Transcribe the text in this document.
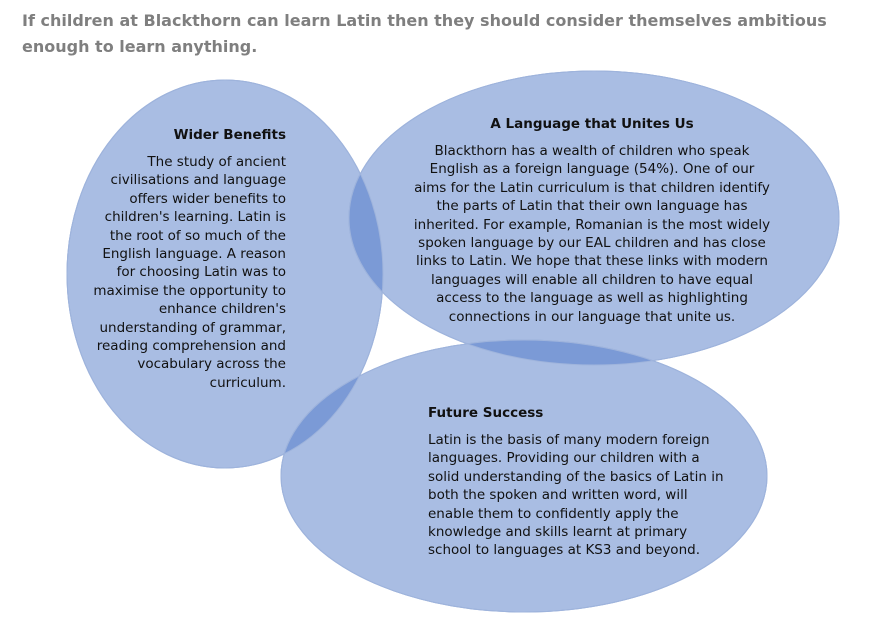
If children at Blackthorn can learn Latin then they should consider themselves ambitious enough to learn anything.
Wider Benefits

The study of ancient civilisations and language offers wider benefits to children's learning. Latin is the root of so much of the English language. A reason for choosing Latin was to maximise the opportunity to enhance children's understanding of grammar, reading comprehension and vocabulary across the curriculum.

A Language that Unites Us

Blackthorn has a wealth of children who speak English as a foreign language (54%). One of our aims for the Latin curriculum is that children identify the parts of Latin that their own language has inherited. For example, Romanian is the most widely spoken language by our EAL children and has close links to Latin. We hope that these links with modern languages will enable all children to have equal access to the language as well as highlighting connections in our language that unite us.

Future Success

Latin is the basis of many modern foreign languages. Providing our children with a solid understanding of the basics of Latin in both the spoken and written word, will enable them to confidently apply the knowledge and skills learnt at primary school to languages at KS3 and beyond.
